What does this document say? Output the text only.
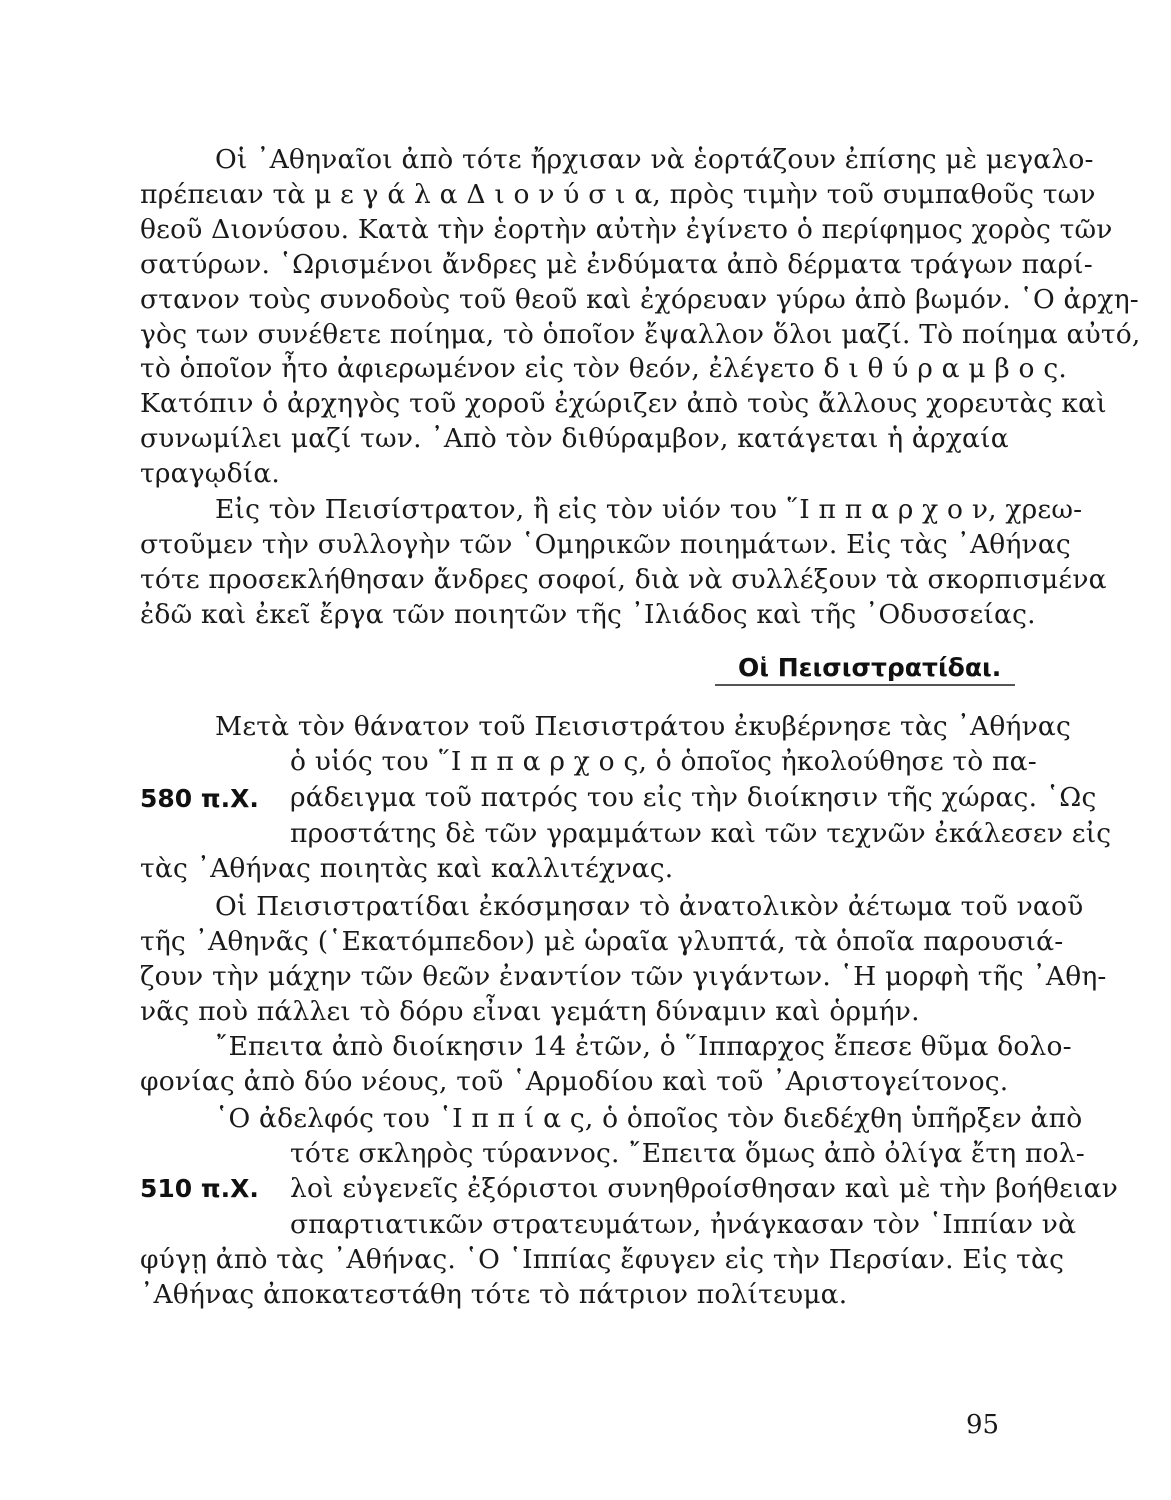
Οἱ ᾿Αθηναῖοι ἀπὸ τότε ἤρχισαν νὰ ἑορτάζουν ἐπίσης μὲ μεγαλο-
πρέπειαν τὰ μ ε γ ά λ α Δ ι ο ν ύ σ ι α, πρὸς τιμὴν τοῦ συμπαθοῦς των
θεοῦ Διονύσου. Κατὰ τὴν ἑορτὴν αὐτὴν ἐγίνετο ὁ περίφημος χορὸς τῶν
σατύρων. ῾Ωρισμένοι ἄνδρες μὲ ἐνδύματα ἀπὸ δέρματα τράγων παρί-
στανον τοὺς συνοδοὺς τοῦ θεοῦ καὶ ἐχόρευαν γύρω ἀπὸ βωμόν. ῾Ο ἀρχη-
γὸς των συνέθετε ποίημα, τὸ ὁποῖον ἔψαλλον ὅλοι μαζί. Τὸ ποίημα αὐτό,
τὸ ὁποῖον ἦτο ἀφιερωμένον εἰς τὸν θεόν, ἐλέγετο δ ι θ ύ ρ α μ β ο ς.
Κατόπιν ὁ ἀρχηγὸς τοῦ χοροῦ ἐχώριζεν ἀπὸ τοὺς ἄλλους χορευτὰς καὶ
συνωμίλει μαζί των. ᾿Απὸ τὸν διθύραμβον, κατάγεται ἡ ἀρχαία
τραγῳδία.
Εἰς τὸν Πεισίστρατον, ἢ εἰς τὸν υἱόν του ῞Ι π π α ρ χ ο ν, χρεω-
στοῦμεν τὴν συλλογὴν τῶν ῾Ομηρικῶν ποιημάτων. Εἰς τὰς ᾿Αθήνας
τότε προσεκλήθησαν ἄνδρες σοφοί, διὰ νὰ συλλέξουν τὰ σκορπισμένα
ἐδῶ καὶ ἐκεῖ ἔργα τῶν ποιητῶν τῆς ᾿Ιλιάδος καὶ τῆς ᾿Οδυσσείας.
Οἱ Πεισιστρατίδαι.
Μετὰ τὸν θάνατον τοῦ Πεισιστράτου ἐκυβέρνησε τὰς ᾿Αθήνας
ὁ υἱός του ῞Ι π π α ρ χ ο ς, ὁ ὁποῖος ἠκολούθησε τὸ πα-
580 π.Χ. ράδειγμα τοῦ πατρός του εἰς τὴν διοίκησιν τῆς χώρας. ῾Ως
προστάτης δὲ τῶν γραμμάτων καὶ τῶν τεχνῶν ἐκάλεσεν εἰς
τὰς ᾿Αθήνας ποιητὰς καὶ καλλιτέχνας.
Οἱ Πεισιστρατίδαι ἐκόσμησαν τὸ ἀνατολικὸν ἀέτωμα τοῦ ναοῦ
τῆς ᾿Αθηνᾶς (῾Εκατόμπεδον) μὲ ὡραῖα γλυπτά, τὰ ὁποῖα παρουσιά-
ζουν τὴν μάχην τῶν θεῶν ἐναντίον τῶν γιγάντων. ῾Η μορφὴ τῆς ᾿Αθη-
νᾶς ποὺ πάλλει τὸ δόρυ εἶναι γεμάτη δύναμιν καὶ ὁρμήν.
῎Επειτα ἀπὸ διοίκησιν 14 ἐτῶν, ὁ ῞Ιππαρχος ἔπεσε θῦμα δολο-
φονίας ἀπὸ δύο νέους, τοῦ ῾Αρμοδίου καὶ τοῦ ᾿Αριστογείτονος.
῾Ο ἀδελφός του ῾Ι π π ί α ς, ὁ ὁποῖος τὸν διεδέχθη ὑπῆρξεν ἀπὸ
τότε σκληρὸς τύραννος. ῎Επειτα ὅμως ἀπὸ ὀλίγα ἔτη πολ-
510 π.Χ. λοὶ εὐγενεῖς ἐξόριστοι συνηθροίσθησαν καὶ μὲ τὴν βοήθειαν
σπαρτιατικῶν στρατευμάτων, ἠνάγκασαν τὸν ῾Ιππίαν νὰ
φύγῃ ἀπὸ τὰς ᾿Αθήνας. ῾Ο ῾Ιππίας ἔφυγεν εἰς τὴν Περσίαν. Εἰς τὰς
᾿Αθήνας ἀποκατεστάθη τότε τὸ πάτριον πολίτευμα.
95
